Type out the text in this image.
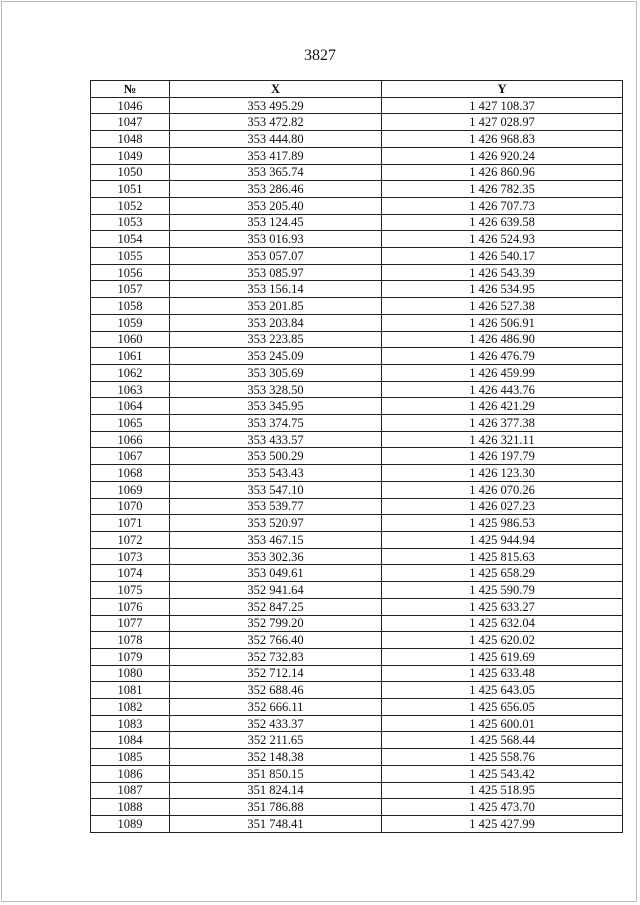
3827
№	X	Y
1046	353 495.29	1 427 108.37
1047	353 472.82	1 427 028.97
1048	353 444.80	1 426 968.83
1049	353 417.89	1 426 920.24
1050	353 365.74	1 426 860.96
1051	353 286.46	1 426 782.35
1052	353 205.40	1 426 707.73
1053	353 124.45	1 426 639.58
1054	353 016.93	1 426 524.93
1055	353 057.07	1 426 540.17
1056	353 085.97	1 426 543.39
1057	353 156.14	1 426 534.95
1058	353 201.85	1 426 527.38
1059	353 203.84	1 426 506.91
1060	353 223.85	1 426 486.90
1061	353 245.09	1 426 476.79
1062	353 305.69	1 426 459.99
1063	353 328.50	1 426 443.76
1064	353 345.95	1 426 421.29
1065	353 374.75	1 426 377.38
1066	353 433.57	1 426 321.11
1067	353 500.29	1 426 197.79
1068	353 543.43	1 426 123.30
1069	353 547.10	1 426 070.26
1070	353 539.77	1 426 027.23
1071	353 520.97	1 425 986.53
1072	353 467.15	1 425 944.94
1073	353 302.36	1 425 815.63
1074	353 049.61	1 425 658.29
1075	352 941.64	1 425 590.79
1076	352 847.25	1 425 633.27
1077	352 799.20	1 425 632.04
1078	352 766.40	1 425 620.02
1079	352 732.83	1 425 619.69
1080	352 712.14	1 425 633.48
1081	352 688.46	1 425 643.05
1082	352 666.11	1 425 656.05
1083	352 433.37	1 425 600.01
1084	352 211.65	1 425 568.44
1085	352 148.38	1 425 558.76
1086	351 850.15	1 425 543.42
1087	351 824.14	1 425 518.95
1088	351 786.88	1 425 473.70
1089	351 748.41	1 425 427.99
